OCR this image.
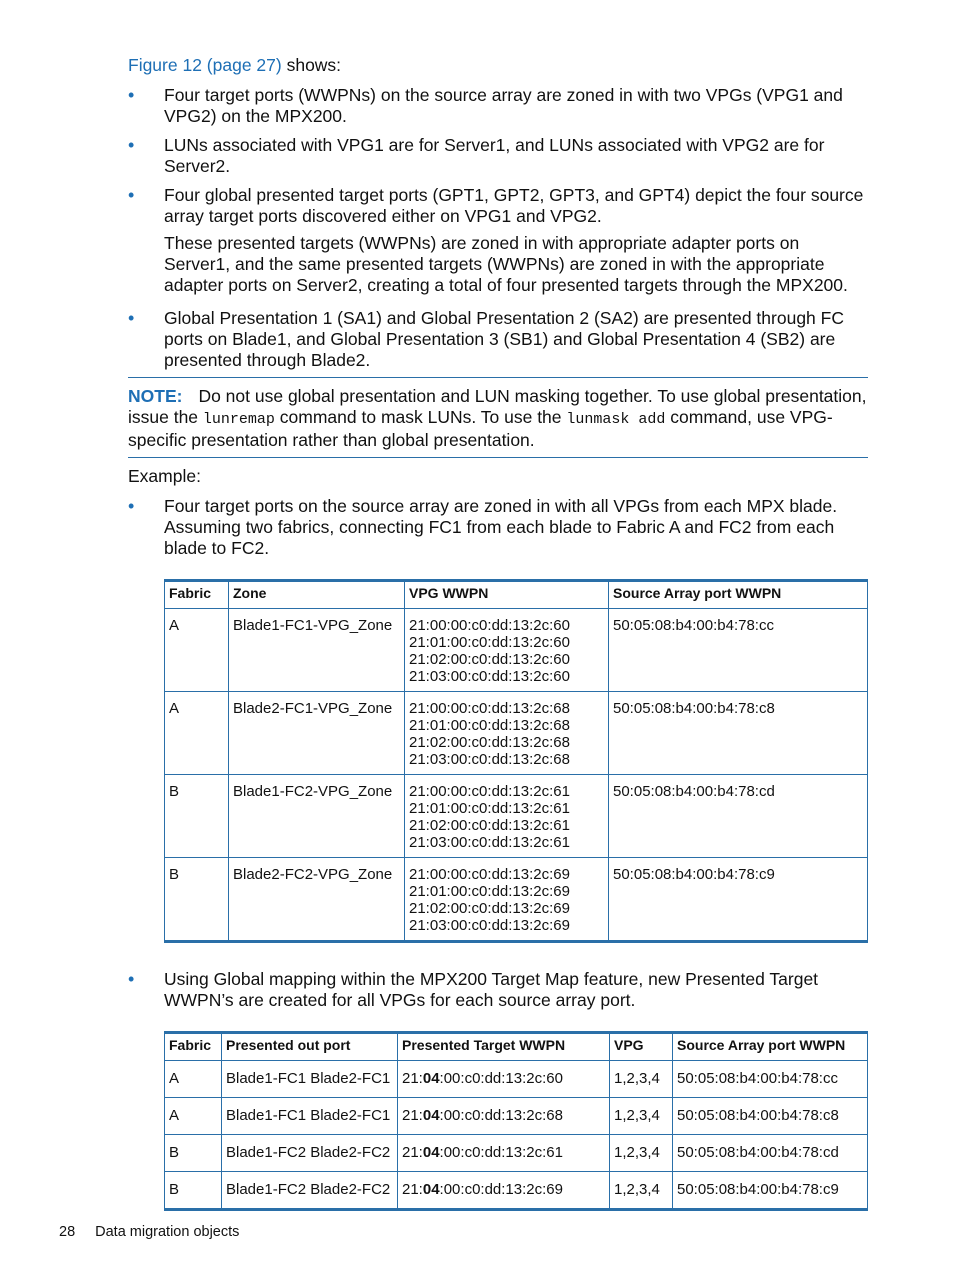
Figure 12 (page 27) shows:

• Four target ports (WWPNs) on the source array are zoned in with two VPGs (VPG1 and VPG2) on the MPX200.
• LUNs associated with VPG1 are for Server1, and LUNs associated with VPG2 are for Server2.
• Four global presented target ports (GPT1, GPT2, GPT3, and GPT4) depict the four source array target ports discovered either on VPG1 and VPG2.

These presented targets (WWPNs) are zoned in with appropriate adapter ports on Server1, and the same presented targets (WWPNs) are zoned in with the appropriate adapter ports on Server2, creating a total of four presented targets through the MPX200.

• Global Presentation 1 (SA1) and Global Presentation 2 (SA2) are presented through FC ports on Blade1, and Global Presentation 3 (SB1) and Global Presentation 4 (SB2) are presented through Blade2.
NOTE: Do not use global presentation and LUN masking together. To use global presentation, issue the lunremap command to mask LUNs. To use the lunmask add command, use VPG-specific presentation rather than global presentation.

Example:

• Four target ports on the source array are zoned in with all VPGs from each MPX blade. Assuming two fabrics, connecting FC1 from each blade to Fabric A and FC2 from each blade to FC2.
Fabric	Zone	VPG WWPN	Source Array port WWPN
A	Blade1-FC1-VPG_Zone	21:00:00:c0:dd:13:2c:60
21:01:00:c0:dd:13:2c:60
21:02:00:c0:dd:13:2c:60
21:03:00:c0:dd:13:2c:60	50:05:08:b4:00:b4:78:cc
A	Blade2-FC1-VPG_Zone	21:00:00:c0:dd:13:2c:68
21:01:00:c0:dd:13:2c:68
21:02:00:c0:dd:13:2c:68
21:03:00:c0:dd:13:2c:68	50:05:08:b4:00:b4:78:c8
B	Blade1-FC2-VPG_Zone	21:00:00:c0:dd:13:2c:61
21:01:00:c0:dd:13:2c:61
21:02:00:c0:dd:13:2c:61
21:03:00:c0:dd:13:2c:61	50:05:08:b4:00:b4:78:cd
B	Blade2-FC2-VPG_Zone	21:00:00:c0:dd:13:2c:69
21:01:00:c0:dd:13:2c:69
21:02:00:c0:dd:13:2c:69
21:03:00:c0:dd:13:2c:69	50:05:08:b4:00:b4:78:c9
• Using Global mapping within the MPX200 Target Map feature, new Presented Target WWPN’s are created for all VPGs for each source array port.
Fabric	Presented out port	Presented Target WWPN	VPG	Source Array port WWPN
A	Blade1-FC1 Blade2-FC1	21:04:00:c0:dd:13:2c:60	1,2,3,4	50:05:08:b4:00:b4:78:cc
A	Blade1-FC1 Blade2-FC1	21:04:00:c0:dd:13:2c:68	1,2,3,4	50:05:08:b4:00:b4:78:c8
B	Blade1-FC2 Blade2-FC2	21:04:00:c0:dd:13:2c:61	1,2,3,4	50:05:08:b4:00:b4:78:cd
B	Blade1-FC2 Blade2-FC2	21:04:00:c0:dd:13:2c:69	1,2,3,4	50:05:08:b4:00:b4:78:c9
28 Data migration objects
